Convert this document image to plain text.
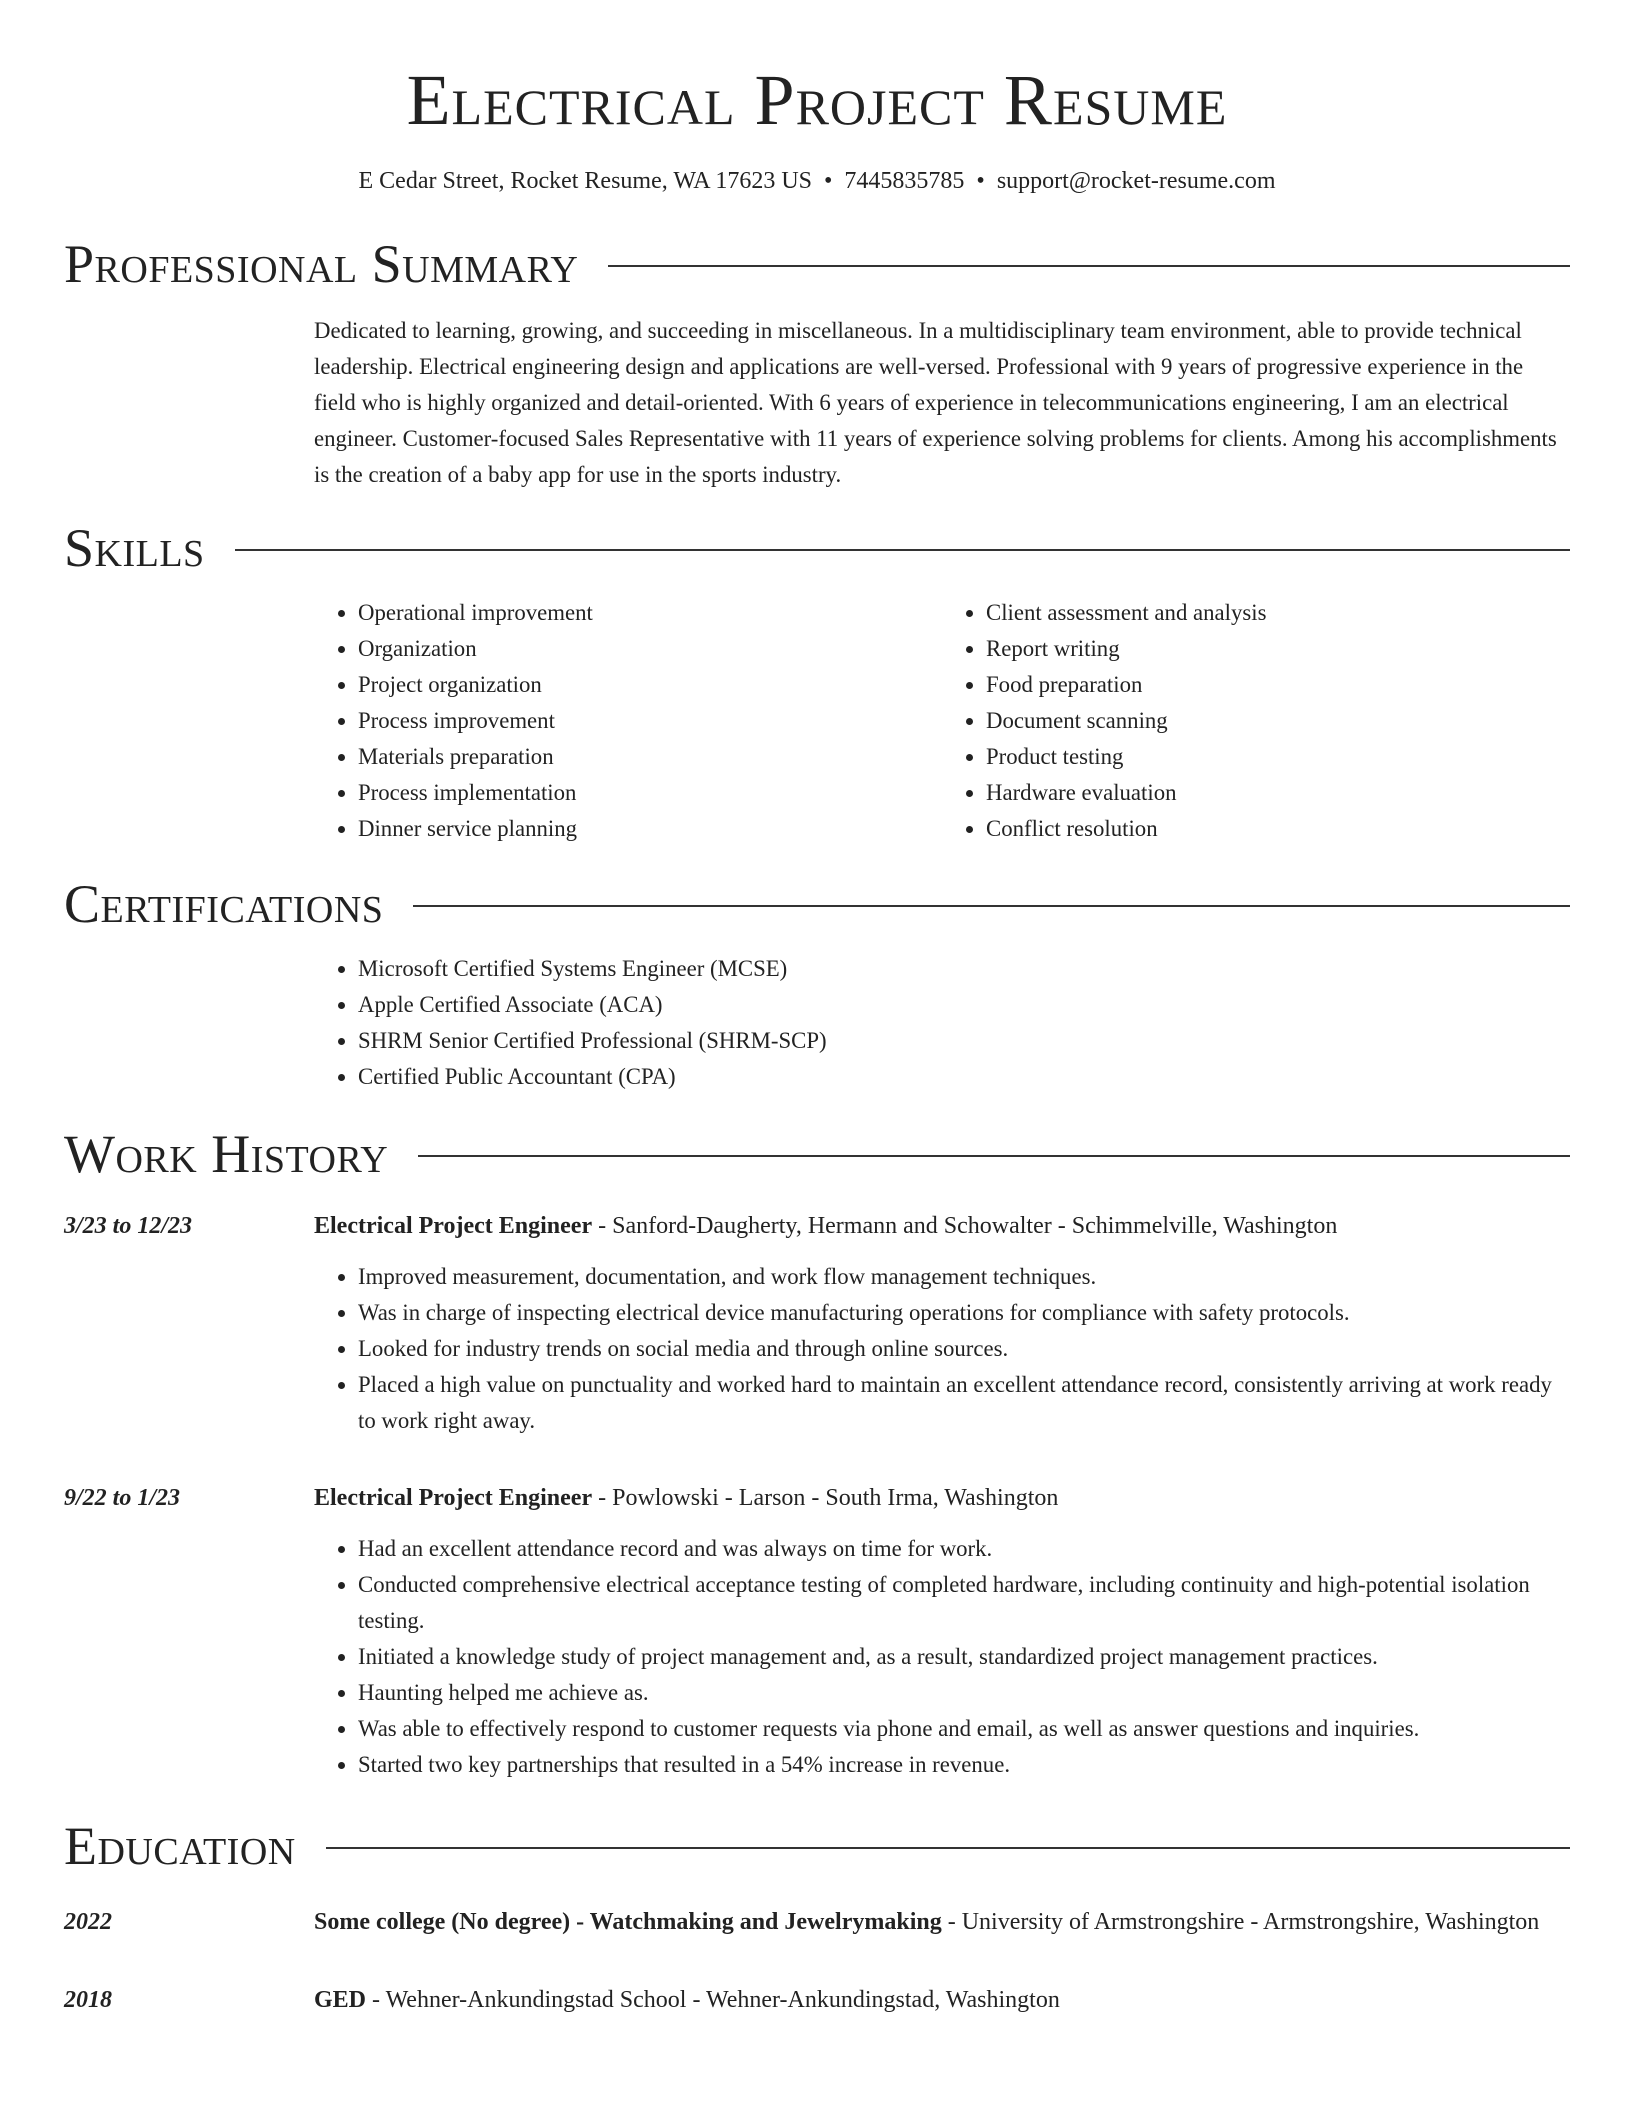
Electrical Project Resume
E Cedar Street, Rocket Resume, WA 17623 US • 7445835785 • support@rocket-resume.com
Professional Summary

Dedicated to learning, growing, and succeeding in miscellaneous. In a multidisciplinary team environment, able to provide technical leadership. Electrical engineering design and applications are well-versed. Professional with 9 years of progressive experience in the field who is highly organized and detail-oriented. With 6 years of experience in telecommunications engineering, I am an electrical engineer. Customer-focused Sales Representative with 11 years of experience solving problems for clients. Among his accomplishments is the creation of a baby app for use in the sports industry.

Skills
• Operational improvement
• Organization
• Project organization
• Process improvement
• Materials preparation
• Process implementation
• Dinner service planning
• Client assessment and analysis
• Report writing
• Food preparation
• Document scanning
• Product testing
• Hardware evaluation
• Conflict resolution
Certifications
• Microsoft Certified Systems Engineer (MCSE)
• Apple Certified Associate (ACA)
• SHRM Senior Certified Professional (SHRM-SCP)
• Certified Public Accountant (CPA)
Work History
3/23 to 12/23	Electrical Project Engineer - Sanford-Daugherty, Hermann and Schowalter - Schimmelville, Washington
• Improved measurement, documentation, and work flow management techniques.
• Was in charge of inspecting electrical device manufacturing operations for compliance with safety protocols.
• Looked for industry trends on social media and through online sources.
• Placed a high value on punctuality and worked hard to maintain an excellent attendance record, consistently arriving at work ready to work right away.
9/22 to 1/23	Electrical Project Engineer - Powlowski - Larson - South Irma, Washington
• Had an excellent attendance record and was always on time for work.
• Conducted comprehensive electrical acceptance testing of completed hardware, including continuity and high-potential isolation testing.
• Initiated a knowledge study of project management and, as a result, standardized project management practices.
• Haunting helped me achieve as.
• Was able to effectively respond to customer requests via phone and email, as well as answer questions and inquiries.
• Started two key partnerships that resulted in a 54% increase in revenue.
Education
2022	Some college (No degree) - Watchmaking and Jewelrymaking - University of Armstrongshire - Armstrongshire, Washington
2018	GED - Wehner-Ankundingstad School - Wehner-Ankundingstad, Washington
